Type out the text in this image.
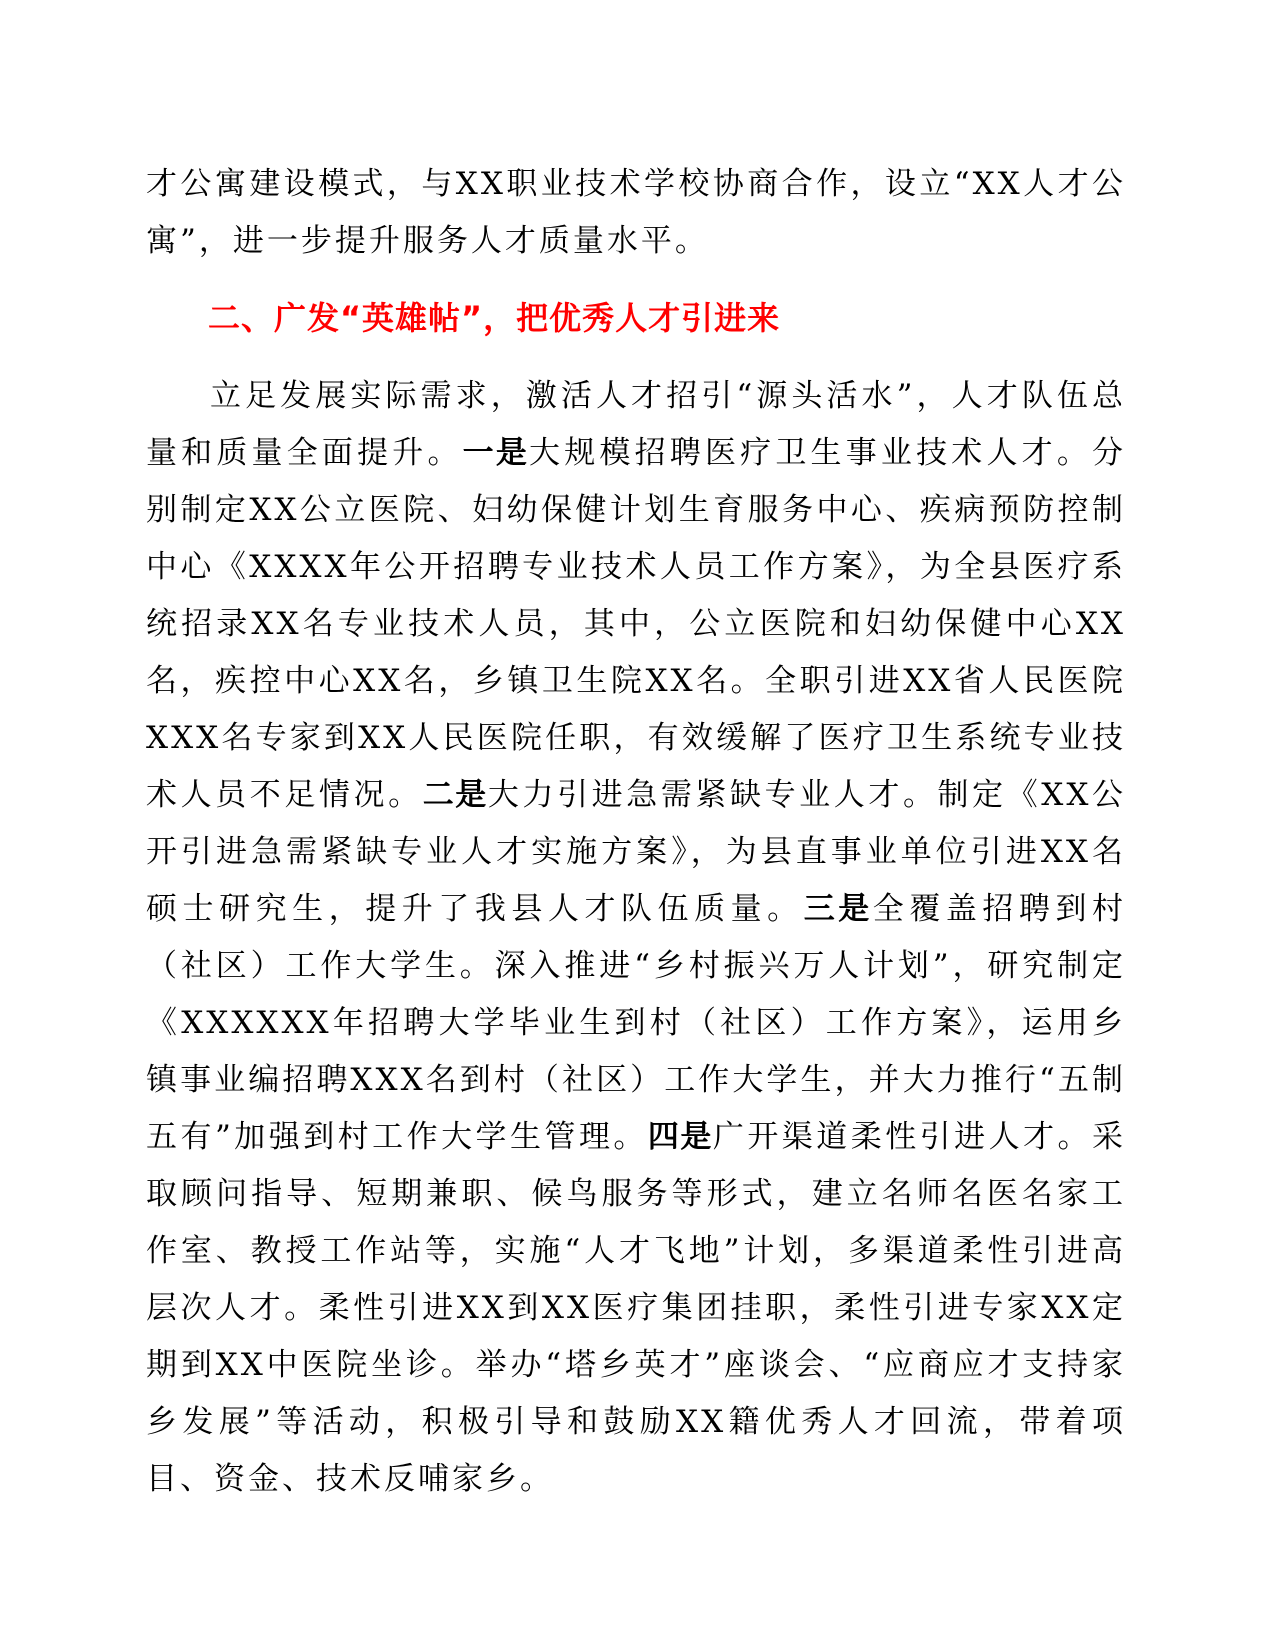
才公寓建设模式，与XX职业技术学校协商合作，设立“XX人才公寓”，进一步提升服务人才质量水平。
二、广发“英雄帖”，把优秀人才引进来
立足发展实际需求，激活人才招引“源头活水”，人才队伍总量和质量全面提升。一是大规模招聘医疗卫生事业技术人才。分别制定XX公立医院、妇幼保健计划生育服务中心、疾病预防控制中心《XXXX年公开招聘专业技术人员工作方案》，为全县医疗系统招录XX名专业技术人员，其中，公立医院和妇幼保健中心XX名，疾控中心XX名，乡镇卫生院XX名。全职引进XX省人民医院XXX名专家到XX人民医院任职，有效缓解了医疗卫生系统专业技术人员不足情况。二是大力引进急需紧缺专业人才。制定《XX公开引进急需紧缺专业人才实施方案》，为县直事业单位引进XX名硕士研究生，提升了我县人才队伍质量。三是全覆盖招聘到村（社区）工作大学生。深入推进“乡村振兴万人计划”，研究制定《XXXXXX年招聘大学毕业生到村（社区）工作方案》，运用乡镇事业编招聘XXX名到村（社区）工作大学生，并大力推行“五制五有”加强到村工作大学生管理。四是广开渠道柔性引进人才。采取顾问指导、短期兼职、候鸟服务等形式，建立名师名医名家工作室、教授工作站等，实施“人才飞地”计划，多渠道柔性引进高层次人才。柔性引进XX到XX医疗集团挂职，柔性引进专家XX定期到XX中医院坐诊。举办“塔乡英才”座谈会、“应商应才支持家乡发展”等活动，积极引导和鼓励XX籍优秀人才回流，带着项目、资金、技术反哺家乡。
